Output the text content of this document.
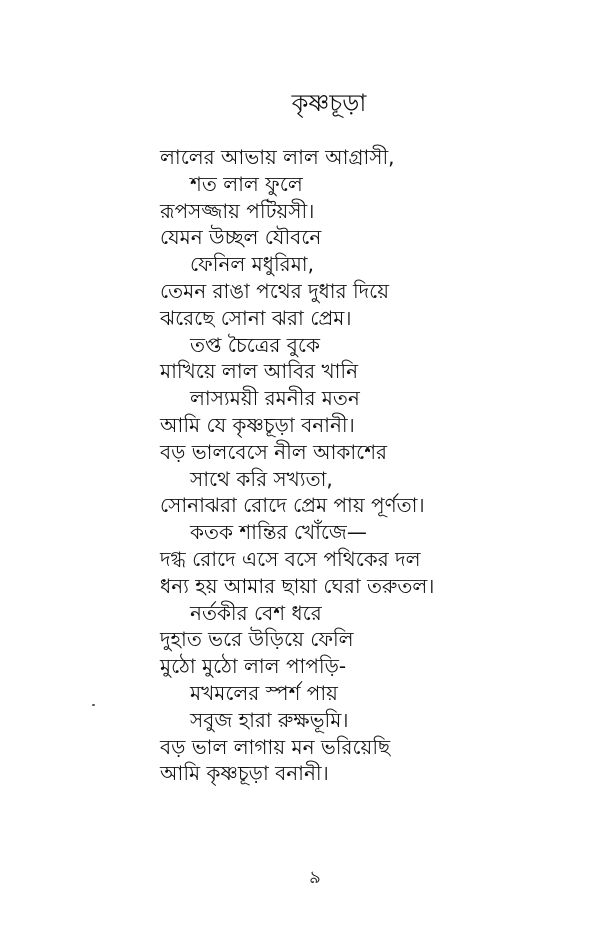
কৃষ্ণচূড়া
লালের আভায় লাল আগ্রাসী,
শত লাল ফুলে
রূপসজ্জায় পটিয়সী।
যেমন উচ্ছল যৌবনে
ফেনিল মধুরিমা,
তেমন রাঙা পথের দুধার দিয়ে
ঝরেছে সোনা ঝরা প্রেম।
তপ্ত চৈত্রের বুকে
মাখিয়ে লাল আবির খানি
লাস্যময়ী রমনীর মতন
আমি যে কৃষ্ণচূড়া বনানী।
বড় ভালবেসে নীল আকাশের
সাথে করি সখ্যতা,
সোনাঝরা রোদে প্রেম পায় পূর্ণতা।
কতক শান্তির খোঁজে—
দগ্ধ রোদে এসে বসে পথিকের দল
ধন্য হয় আমার ছায়া ঘেরা তরুতল।
নর্তকীর বেশ ধরে
দুহাত ভরে উড়িয়ে ফেলি
মুঠো মুঠো লাল পাপড়ি-
মখমলের স্পর্শ পায়
সবুজ হারা রুক্ষভূমি।
বড় ভাল লাগায় মন ভরিয়েছি
আমি কৃষ্ণচূড়া বনানী।
৯
